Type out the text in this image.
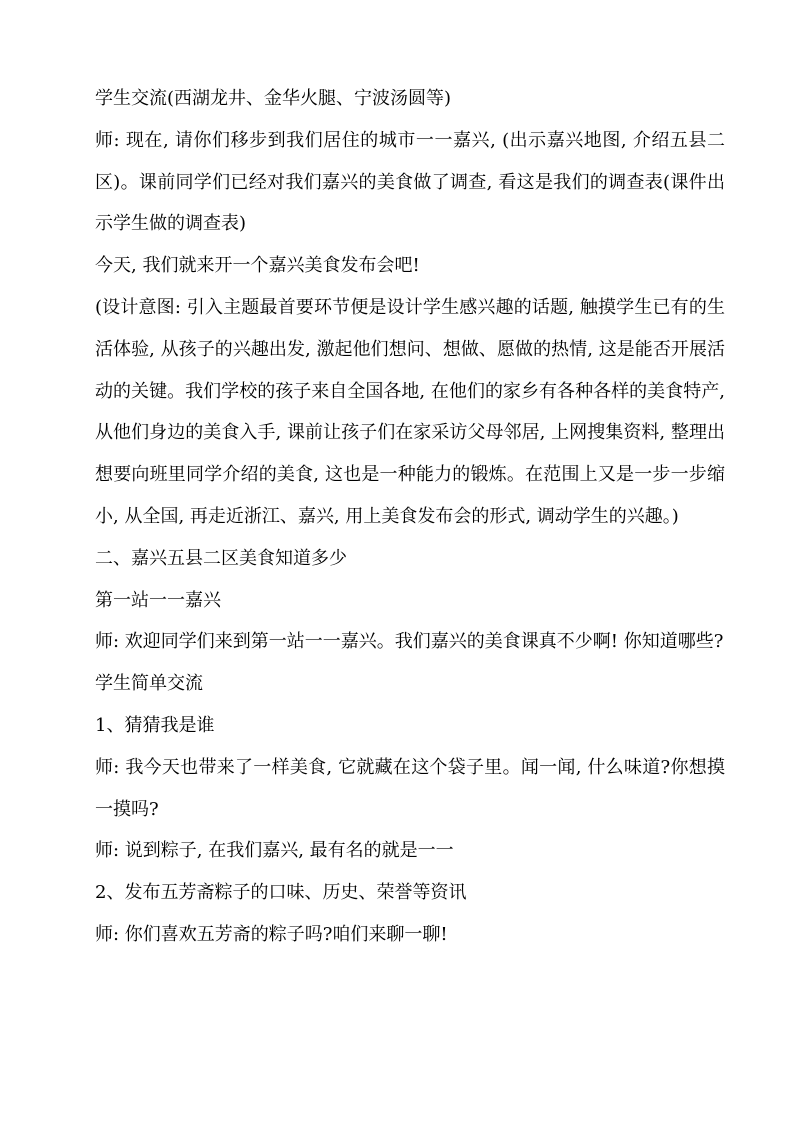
学生交流(西湖龙井、金华火腿、宁波汤圆等)

师: 现在, 请你们移步到我们居住的城市一一嘉兴, (出示嘉兴地图, 介绍五县二区)。课前同学们已经对我们嘉兴的美食做了调查, 看这是我们的调查表(课件出示学生做的调查表)

今天, 我们就来开一个嘉兴美食发布会吧!

(设计意图: 引入主题最首要环节便是设计学生感兴趣的话题, 触摸学生已有的生活体验, 从孩子的兴趣出发, 激起他们想问、想做、愿做的热情, 这是能否开展活动的关键。我们学校的孩子来自全国各地, 在他们的家乡有各种各样的美食特产, 从他们身边的美食入手, 课前让孩子们在家采访父母邻居, 上网搜集资料, 整理出想要向班里同学介绍的美食, 这也是一种能力的锻炼。在范围上又是一步一步缩小, 从全国, 再走近浙江、嘉兴, 用上美食发布会的形式, 调动学生的兴趣。)

二、嘉兴五县二区美食知道多少

第一站一一嘉兴

师: 欢迎同学们来到第一站一一嘉兴。我们嘉兴的美食课真不少啊! 你知道哪些?

学生简单交流

1、猜猜我是谁

师: 我今天也带来了一样美食, 它就藏在这个袋子里。闻一闻, 什么味道?你想摸一摸吗?

师: 说到粽子, 在我们嘉兴, 最有名的就是一一

2、发布五芳斋粽子的口味、历史、荣誉等资讯

师: 你们喜欢五芳斋的粽子吗?咱们来聊一聊!
